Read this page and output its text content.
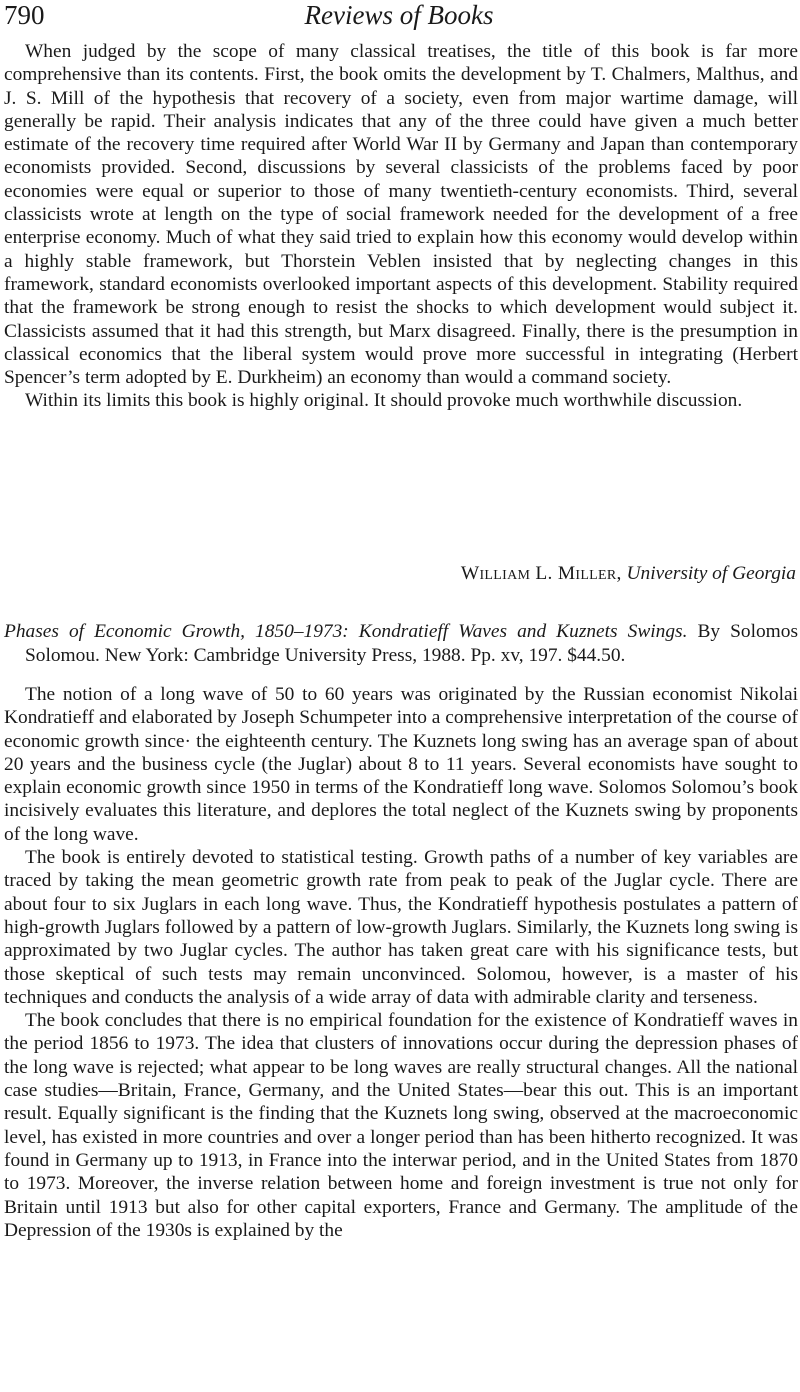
790	Reviews of Books

When judged by the scope of many classical treatises, the title of this book is far more comprehensive than its contents. First, the book omits the development by T. Chalmers, Malthus, and J. S. Mill of the hypothesis that recovery of a society, even from major wartime damage, will generally be rapid. Their analysis indicates that any of the three could have given a much better estimate of the recovery time required after World War II by Germany and Japan than contemporary economists provided. Second, discussions by several classicists of the problems faced by poor economies were equal or superior to those of many twentieth-century economists. Third, several classicists wrote at length on the type of social framework needed for the development of a free enterprise economy. Much of what they said tried to explain how this economy would develop within a highly stable framework, but Thorstein Veblen insisted that by neglecting changes in this framework, standard economists overlooked important aspects of this development. Stability required that the framework be strong enough to resist the shocks to which development would subject it. Classicists assumed that it had this strength, but Marx disagreed. Finally, there is the presumption in classical economics that the liberal system would prove more successful in integrating (Herbert Spencer’s term adopted by E. Durkheim) an economy than would a command society.

Within its limits this book is highly original. It should provoke much worthwhile discussion.

William L. Miller, University of Georgia
Phases of Economic Growth, 1850–1973: Kondratieff Waves and Kuznets Swings. By Solomos Solomou. New York: Cambridge University Press, 1988. Pp. xv, 197. $44.50.

The notion of a long wave of 50 to 60 years was originated by the Russian economist Nikolai Kondratieff and elaborated by Joseph Schumpeter into a comprehensive interpretation of the course of economic growth since· the eighteenth century. The Kuznets long swing has an average span of about 20 years and the business cycle (the Juglar) about 8 to 11 years. Several economists have sought to explain economic growth since 1950 in terms of the Kondratieff long wave. Solomos Solomou’s book incisively evaluates this literature, and deplores the total neglect of the Kuznets swing by proponents of the long wave.

The book is entirely devoted to statistical testing. Growth paths of a number of key variables are traced by taking the mean geometric growth rate from peak to peak of the Juglar cycle. There are about four to six Juglars in each long wave. Thus, the Kondratieff hypothesis postulates a pattern of high-growth Juglars followed by a pattern of low-growth Juglars. Similarly, the Kuznets long swing is approximated by two Juglar cycles. The author has taken great care with his significance tests, but those skeptical of such tests may remain unconvinced. Solomou, however, is a master of his techniques and conducts the analysis of a wide array of data with admirable clarity and terseness.

The book concludes that there is no empirical foundation for the existence of Kondratieff waves in the period 1856 to 1973. The idea that clusters of innovations occur during the depression phases of the long wave is rejected; what appear to be long waves are really structural changes. All the national case studies—Britain, France, Germany, and the United States—bear this out. This is an important result. Equally significant is the finding that the Kuznets long swing, observed at the macroeconomic level, has existed in more countries and over a longer period than has been hitherto recognized. It was found in Germany up to 1913, in France into the interwar period, and in the United States from 1870 to 1973. Moreover, the inverse relation between home and foreign investment is true not only for Britain until 1913 but also for other capital exporters, France and Germany. The amplitude of the Depression of the 1930s is explained by the
